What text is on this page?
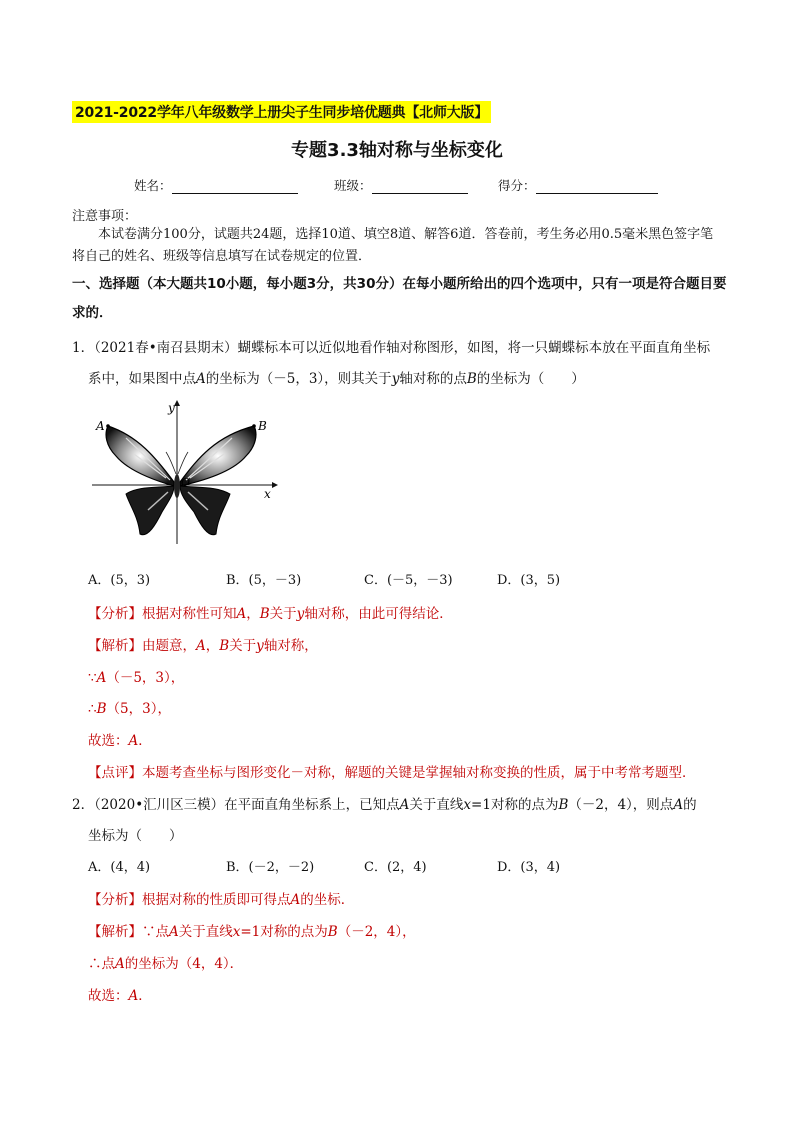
2021-2022学年八年级数学上册尖子生同步培优题典【北师大版】
专题3.3轴对称与坐标变化
姓名：	班级：	得分：
注意事项：
本试卷满分100分，试题共24题，选择10道、填空8道、解答6道．答卷前，考生务必用0.5毫米黑色签字笔将自己的姓名、班级等信息填写在试卷规定的位置．
一、选择题（本大题共10小题，每小题3分，共30分）在每小题所给出的四个选项中，只有一项是符合题目要求的．
1．（2021春•南召县期末）蝴蝶标本可以近似地看作轴对称图形，如图，将一只蝴蝶标本放在平面直角坐标
系中，如果图中点A的坐标为（－5，3），则其关于y轴对称的点B的坐标为（　　）
A	B
O
x
y
A．(5，3)	B．(5，－3)	C．(－5，－3)	D．(3，5)
【分析】根据对称性可知A，B关于y轴对称，由此可得结论．
【解析】由题意，A，B关于y轴对称，
∵A（－5，3），
∴B（5，3），
故选：A．
【点评】本题考查坐标与图形变化－对称，解题的关键是掌握轴对称变换的性质，属于中考常考题型．
2．（2020•汇川区三模）在平面直角坐标系上，已知点A关于直线x=1对称的点为B（－2，4），则点A的
坐标为（　　）
A．(4，4)	B．(－2，－2)	C．(2，4)	D．(3，4)
【分析】根据对称的性质即可得点A的坐标．
【解析】∵点A关于直线x=1对称的点为B（－2，4），
∴点A的坐标为（4，4）．
故选：A．
